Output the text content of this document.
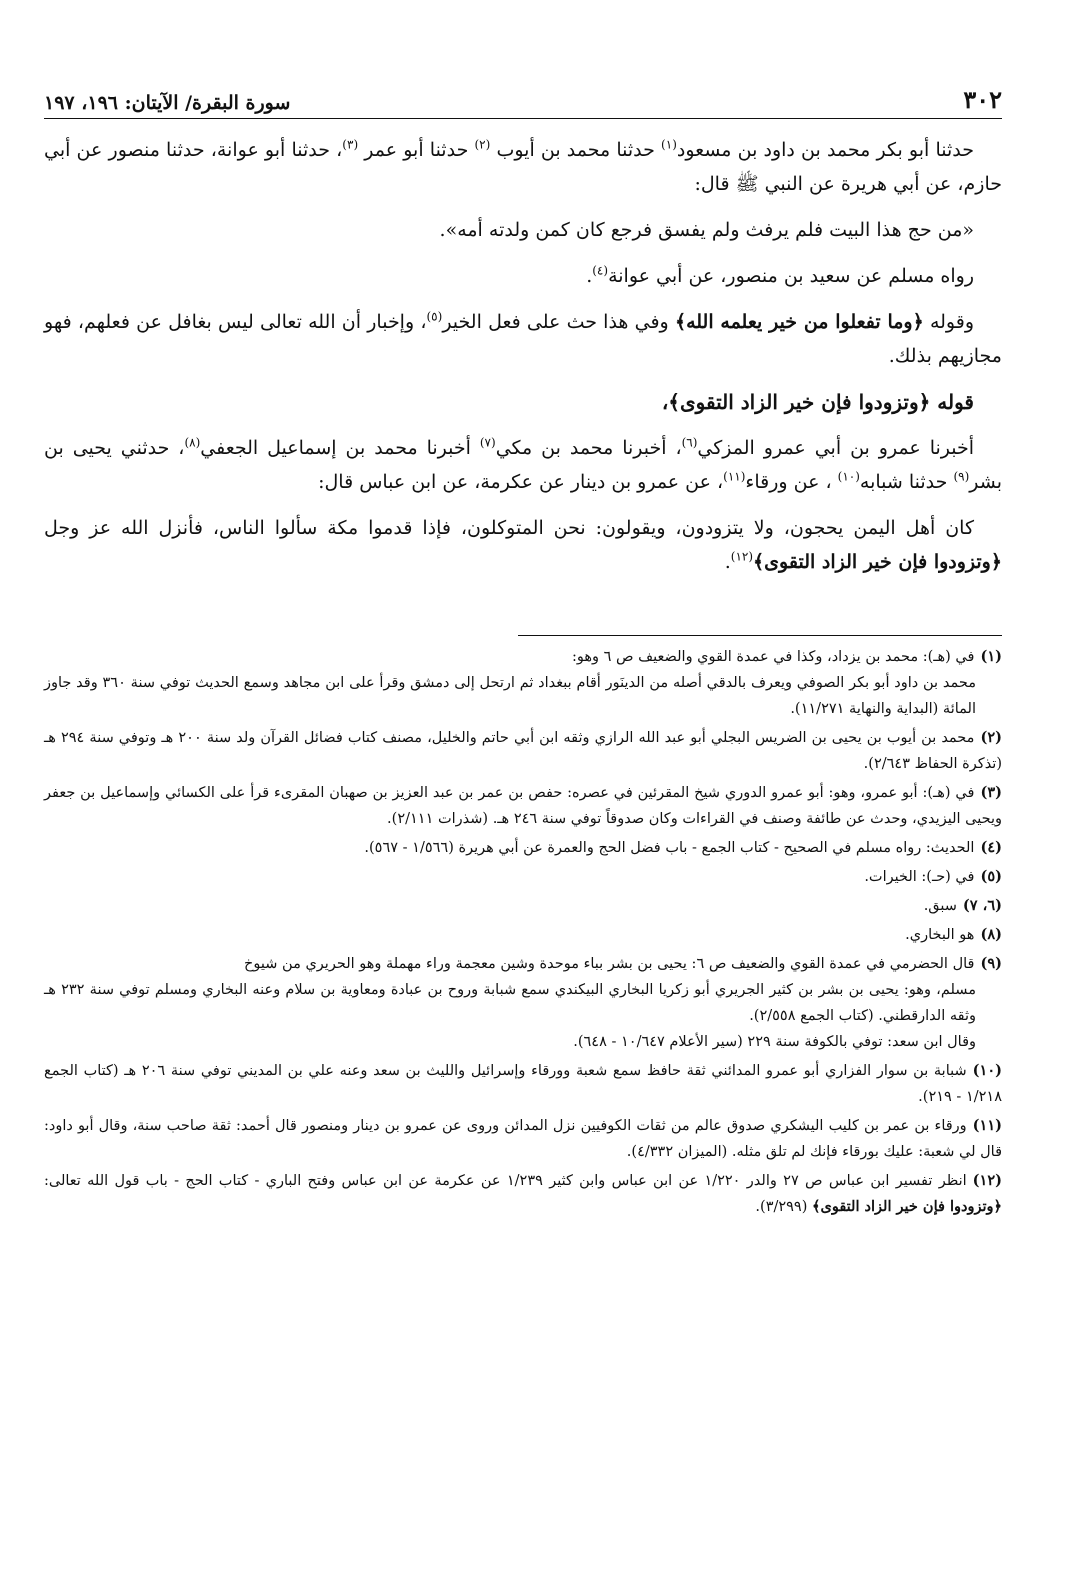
٣٠٢
سورة البقرة/ الآيتان: ١٩٦، ١٩٧

حدثنا أبو بكر محمد بن داود بن مسعود$^{(١)}$ حدثنا محمد بن أيوب $^{(٢)}$ حدثنا أبو عمر $^{(٣)}$، حدثنا أبو عوانة، حدثنا منصور عن أبي حازم، عن أبي هريرة عن النبي ﷺ قال:

«من حج هذا البيت فلم يرفث ولم يفسق فرجع كان كمن ولدته أمه».

رواه مسلم عن سعيد بن منصور، عن أبي عوانة$^{(٤)}$.

وقوله ﴿وما تفعلوا من خير يعلمه الله﴾ وفي هذا حث على فعل الخير$^{(٥)}$، وإخبار أن الله تعالى ليس بغافل عن فعلهم، فهو مجازيهم بذلك.

قوله ﴿وتزودوا فإن خير الزاد التقوى﴾،

أخبرنا عمرو بن أبي عمرو المزكي$^{(٦)}$، أخبرنا محمد بن مكي$^{(٧)}$ أخبرنا محمد بن إسماعيل الجعفي$^{(٨)}$، حدثني يحيى بن بشر$^{(٩)}$ حدثنا شبابه$^{(١٠)}$ ، عن ورقاء$^{(١١)}$، عن عمرو بن دينار عن عكرمة، عن ابن عباس قال:

كان أهل اليمن يحجون، ولا يتزودون، ويقولون: نحن المتوكلون، فإذا قدموا مكة سألوا الناس، فأنزل الله عز وجل ﴿وتزودوا فإن خير الزاد التقوى﴾$^{(١٢)}$.

(١)في (هـ): محمد بن يزداد، وكذا في عمدة القوي والضعيف ص ٦ وهو:
محمد بن داود أبو بكر الصوفي ويعرف بالدقي أصله من الدينَور أقام ببغداد ثم ارتحل إلى دمشق وقرأ على ابن مجاهد وسمع الحديث توفي سنة ٣٦٠ وقد جاوز المائة (البداية والنهاية ١١/٢٧١).
(٢)محمد بن أيوب بن يحيى بن الضريس البجلي أبو عبد الله الرازي وثقه ابن أبي حاتم والخليل، مصنف كتاب فضائل القرآن ولد سنة ٢٠٠ هـ وتوفي سنة ٢٩٤ هـ (تذكرة الحفاظ ٢/٦٤٣).
(٣)في (هـ): أبو عمرو، وهو: أبو عمرو الدوري شيخ المقرئين في عصره: حفص بن عمر بن عبد العزيز بن صهبان المقرىء قرأ على الكسائي وإسماعيل بن جعفر ويحيى اليزيدي، وحدث عن طائفة وصنف في القراءات وكان صدوقاً توفي سنة ٢٤٦ هـ. (شذرات ٢/١١١).
(٤)الحديث: رواه مسلم في الصحيح - كتاب الجمع - باب فضل الحج والعمرة عن أبي هريرة (١/٥٦٦ - ٥٦٧).
(٥)في (حـ): الخيرات.
(٦، ٧)سبق.
(٨)هو البخاري.
(٩)قال الحضرمي في عمدة القوي والضعيف ص ٦: يحيى بن بشر بباء موحدة وشين معجمة وراء مهملة وهو الحريري من شيوخ
مسلم، وهو: يحيى بن بشر بن كثير الجريري أبو زكريا البخاري البيكندي سمع شبابة وروح بن عبادة ومعاوية بن سلام وعنه البخاري ومسلم توفي سنة ٢٣٢ هـ وثقه الدارقطني. (كتاب الجمع ٢/٥٥٨).
وقال ابن سعد: توفي بالكوفة سنة ٢٢٩ (سير الأعلام ١٠/٦٤٧ - ٦٤٨).
(١٠)شبابة بن سوار الفزاري أبو عمرو المدائني ثقة حافظ سمع شعبة وورقاء وإسرائيل والليث بن سعد وعنه علي بن المديني توفي سنة ٢٠٦ هـ (كتاب الجمع ١/٢١٨ - ٢١٩).
(١١)ورقاء بن عمر بن كليب اليشكري صدوق عالم من ثقات الكوفيين نزل المدائن وروى عن عمرو بن دينار ومنصور قال أحمد: ثقة صاحب سنة، وقال أبو داود: قال لي شعبة: عليك بورقاء فإنك لم تلق مثله. (الميزان ٤/٣٣٢).
(١٢)انظر تفسير ابن عباس ص ٢٧ والدر ١/٢٢٠ عن ابن عباس وابن كثير ١/٢٣٩ عن عكرمة عن ابن عباس وفتح الباري - كتاب الحج - باب قول الله تعالى: ﴿وتزودوا فإن خير الزاد التقوى﴾ (٣/٢٩٩).
